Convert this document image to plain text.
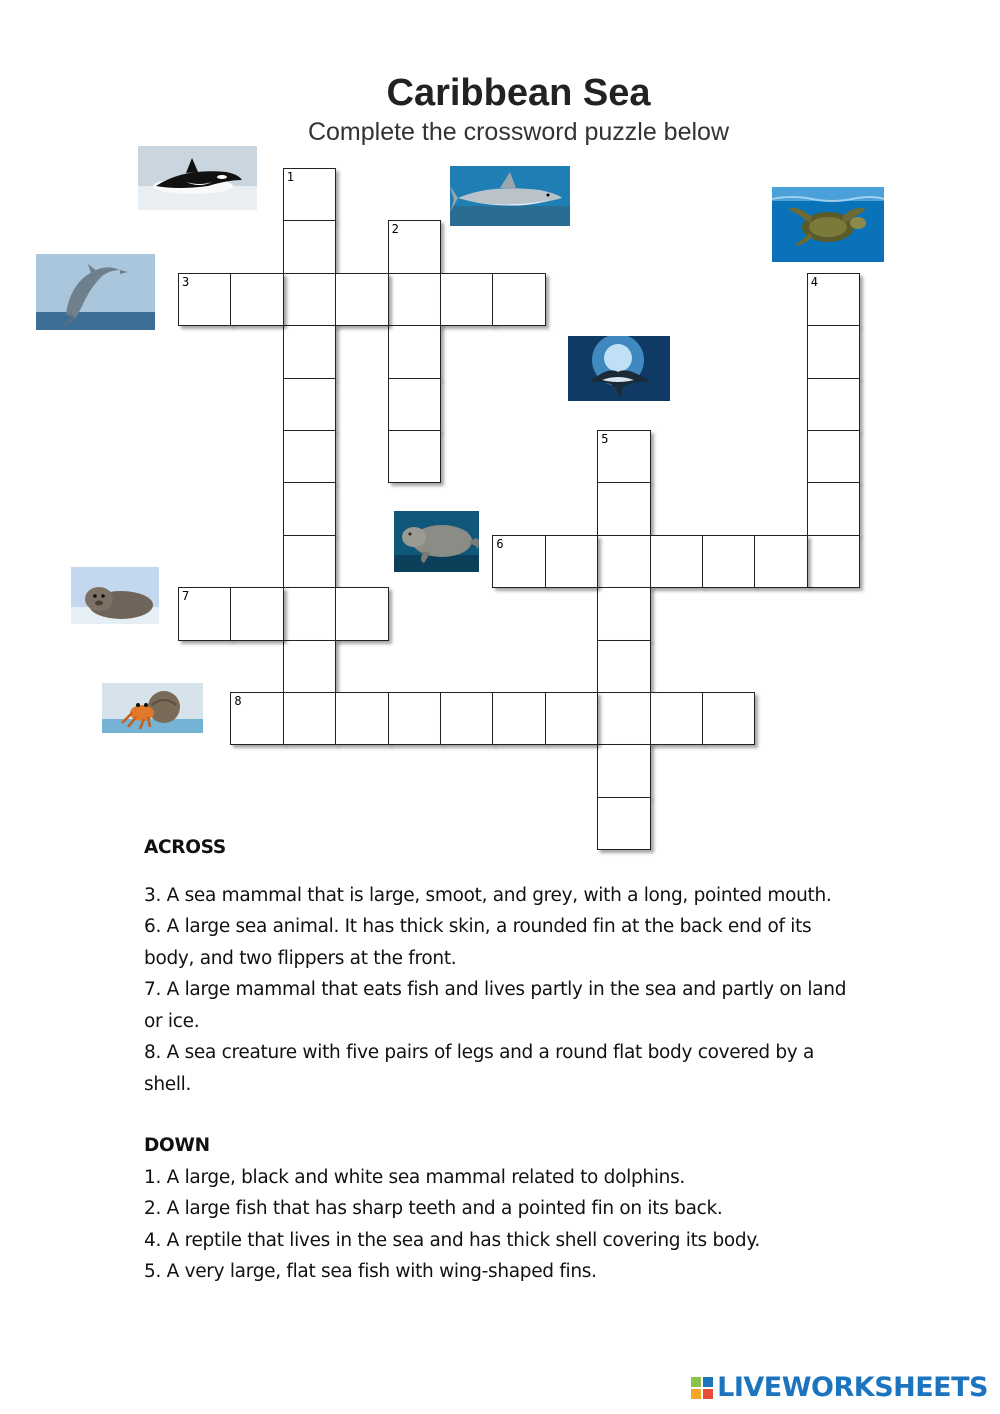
Caribbean Sea
Complete the crossword puzzle below
1
2
3	4
5
6
7
8

ACROSS

3. A sea mammal that is large, smoot, and grey, with a long, pointed mouth.

6. A large sea animal. It has thick skin, a rounded fin at the back end of its body, and two flippers at the front.

7. A large mammal that eats fish and lives partly in the sea and partly on land or ice.

8. A sea creature with five pairs of legs and a round flat body covered by a shell.

DOWN

1. A large, black and white sea mammal related to dolphins.

2. A large fish that has sharp teeth and a pointed fin on its back.

4. A reptile that lives in the sea and has thick shell covering its body.

5. A very large, flat sea fish with wing-shaped fins.

LIVEWORKSHEETS
